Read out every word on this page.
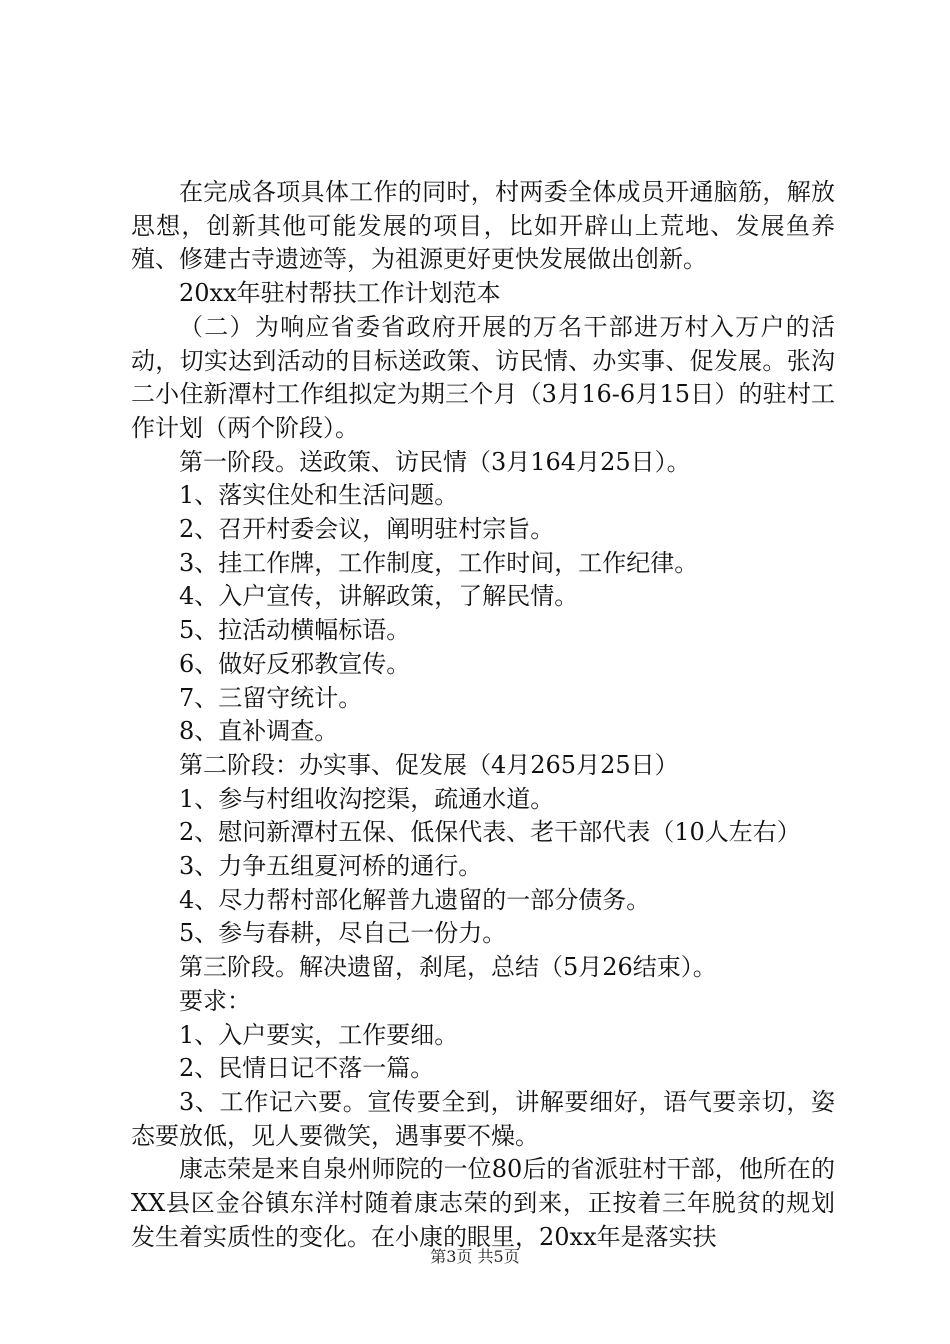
在完成各项具体工作的同时，村两委全体成员开通脑筋，解放思想，创新其他可能发展的项目，比如开辟山上荒地、发展鱼养殖、修建古寺遗迹等，为祖源更好更快发展做出创新。

20xx年驻村帮扶工作计划范本

（二）为响应省委省政府开展的万名干部进万村入万户的活动，切实达到活动的目标送政策、访民情、办实事、促发展。张沟二小住新潭村工作组拟定为期三个月（3月16-6月15日）的驻村工作计划（两个阶段）。

第一阶段。送政策、访民情（3月164月25日）。

1、落实住处和生活问题。

2、召开村委会议，阐明驻村宗旨。

3、挂工作牌，工作制度，工作时间，工作纪律。

4、入户宣传，讲解政策，了解民情。

5、拉活动横幅标语。

6、做好反邪教宣传。

7、三留守统计。

8、直补调查。

第二阶段：办实事、促发展（4月265月25日）

1、参与村组收沟挖渠，疏通水道。

2、慰问新潭村五保、低保代表、老干部代表（10人左右）

3、力争五组夏河桥的通行。

4、尽力帮村部化解普九遗留的一部分债务。

5、参与春耕，尽自己一份力。

第三阶段。解决遗留，刹尾，总结（5月26结束）。

要求：

1、入户要实，工作要细。

2、民情日记不落一篇。

3、工作记六要。宣传要全到，讲解要细好，语气要亲切，姿态要放低，见人要微笑，遇事要不燥。

康志荣是来自泉州师院的一位80后的省派驻村干部，他所在的XX县区金谷镇东洋村随着康志荣的到来，正按着三年脱贫的规划发生着实质性的变化。在小康的眼里，20xx年是落实扶

第3页 共5页
